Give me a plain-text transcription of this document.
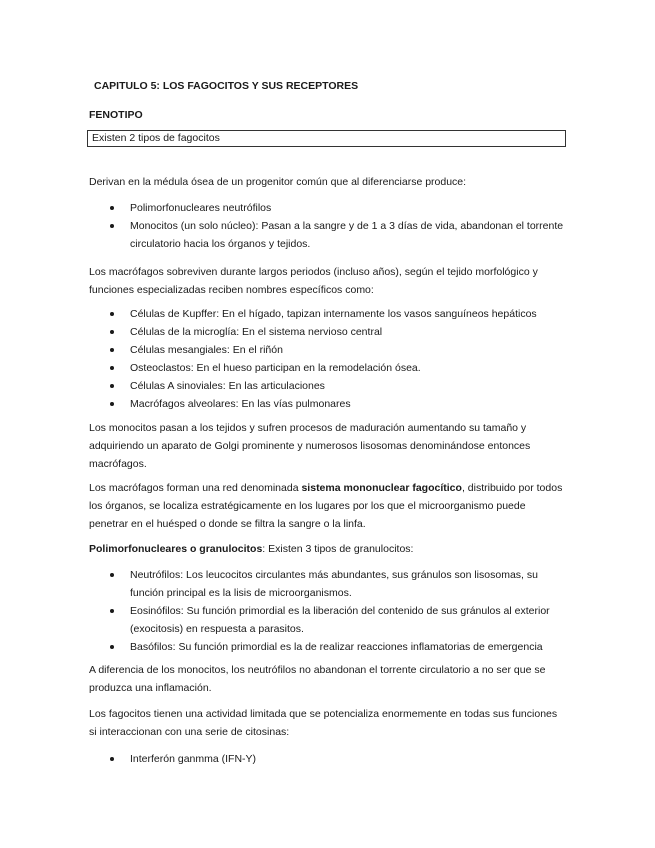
CAPITULO 5: LOS FAGOCITOS Y SUS RECEPTORES
FENOTIPO
Existen 2 tipos de fagocitos
Derivan en la médula ósea de un progenitor común que al diferenciarse produce:
Polimorfonucleares neutrófilos
Monocitos (un solo núcleo): Pasan a la sangre y de 1 a 3 días de vida, abandonan el torrente circulatorio hacia los órganos y tejidos.
Los macrófagos sobreviven durante largos periodos (incluso años), según el tejido morfológico y funciones especializadas reciben nombres específicos como:
Células de Kupffer: En el hígado, tapizan internamente los vasos sanguíneos hepáticos
Células de la microglía: En el sistema nervioso central
Células mesangiales: En el riñón
Osteoclastos: En el hueso participan en la remodelación ósea.
Células A sinoviales: En las articulaciones
Macrófagos alveolares: En las vías pulmonares
Los monocitos pasan a los tejidos y sufren procesos de maduración aumentando su tamaño y adquiriendo un aparato de Golgi prominente y numerosos lisosomas denominándose entonces macrófagos.
Los macrófagos forman una red denominada sistema mononuclear fagocítico, distribuido por todos los órganos, se localiza estratégicamente en los lugares por los que el microorganismo puede penetrar en el huésped o donde se filtra la sangre o la linfa.
Polimorfonucleares o granulocitos: Existen 3 tipos de granulocitos:
Neutrófilos: Los leucocitos circulantes más abundantes, sus gránulos son lisosomas, su función principal es la lisis de microorganismos.
Eosinófilos: Su función primordial es la liberación del contenido de sus gránulos al exterior (exocitosis) en respuesta a parasitos.
Basófilos: Su función primordial es la de realizar reacciones inflamatorias de emergencia
A diferencia de los monocitos, los neutrófilos no abandonan el torrente circulatorio a no ser que se produzca una inflamación.
Los fagocitos tienen una actividad limitada que se potencializa enormemente en todas sus funciones si interaccionan con una serie de citosinas:
Interferón ganmma (IFN-Y)
